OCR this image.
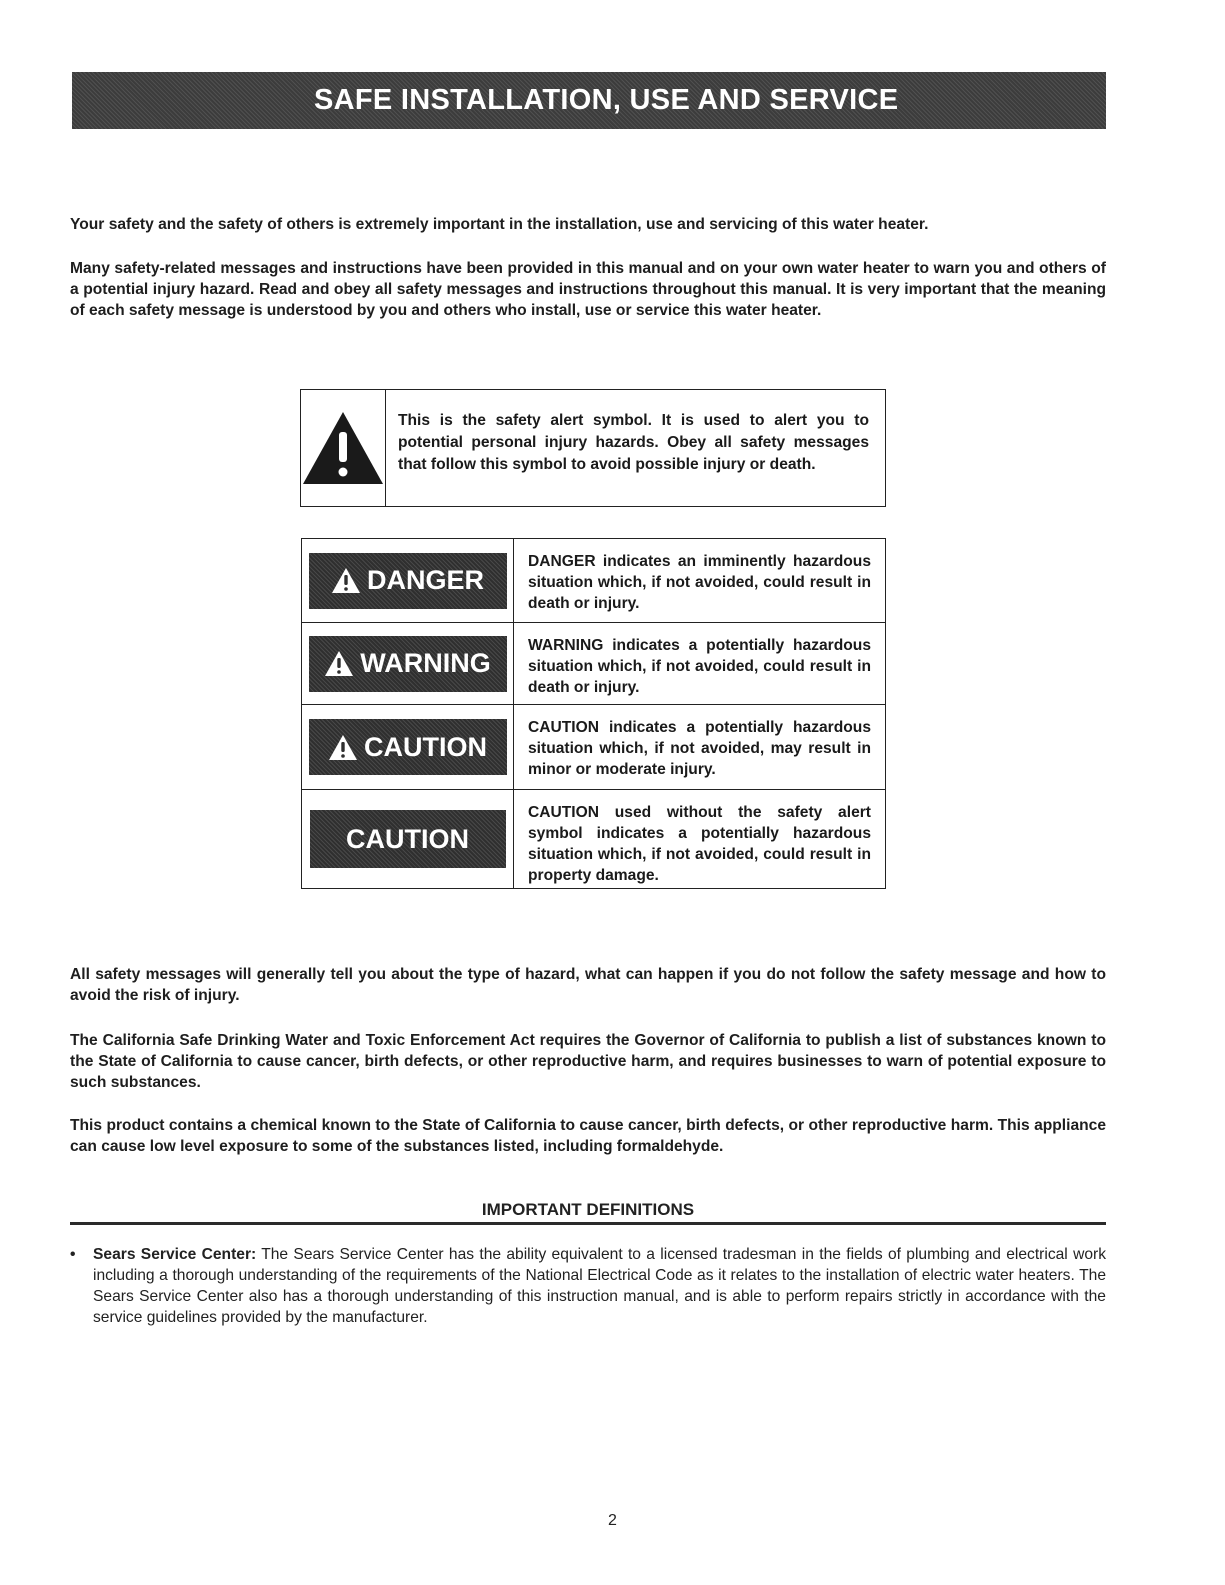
SAFE INSTALLATION, USE AND SERVICE

Your safety and the safety of others is extremely important in the installation, use and servicing of this water heater.

Many safety-related messages and instructions have been provided in this manual and on your own water heater to warn you and others of a potential injury hazard. Read and obey all safety messages and instructions throughout this manual. It is very important that the meaning of each safety message is understood by you and others who install, use or service this water heater.

This is the safety alert symbol. It is used to alert you to potential personal injury hazards. Obey all safety messages that follow this symbol to avoid possible injury or death.

DANGER

DANGER indicates an imminently hazardous situation which, if not avoided, could result in death or injury.

WARNING

WARNING indicates a potentially hazardous situation which, if not avoided, could result in death or injury.

CAUTION

CAUTION indicates a potentially hazardous situation which, if not avoided, may result in minor or moderate injury.

CAUTION

CAUTION used without the safety alert symbol indicates a potentially hazardous situation which, if not avoided, could result in property damage.

All safety messages will generally tell you about the type of hazard, what can happen if you do not follow the safety message and how to avoid the risk of injury.

The California Safe Drinking Water and Toxic Enforcement Act requires the Governor of California to publish a list of substances known to the State of California to cause cancer, birth defects, or other reproductive harm, and requires businesses to warn of potential exposure to such substances.

This product contains a chemical known to the State of California to cause cancer, birth defects, or other reproductive harm. This appliance can cause low level exposure to some of the substances listed, including formaldehyde.

IMPORTANT DEFINITIONS
• Sears Service Center: The Sears Service Center has the ability equivalent to a licensed tradesman in the fields of plumbing and electrical work including a thorough understanding of the requirements of the National Electrical Code as it relates to the installation of electric water heaters. The Sears Service Center also has a thorough understanding of this instruction manual, and is able to perform repairs strictly in accordance with the service guidelines provided by the manufacturer.
2
